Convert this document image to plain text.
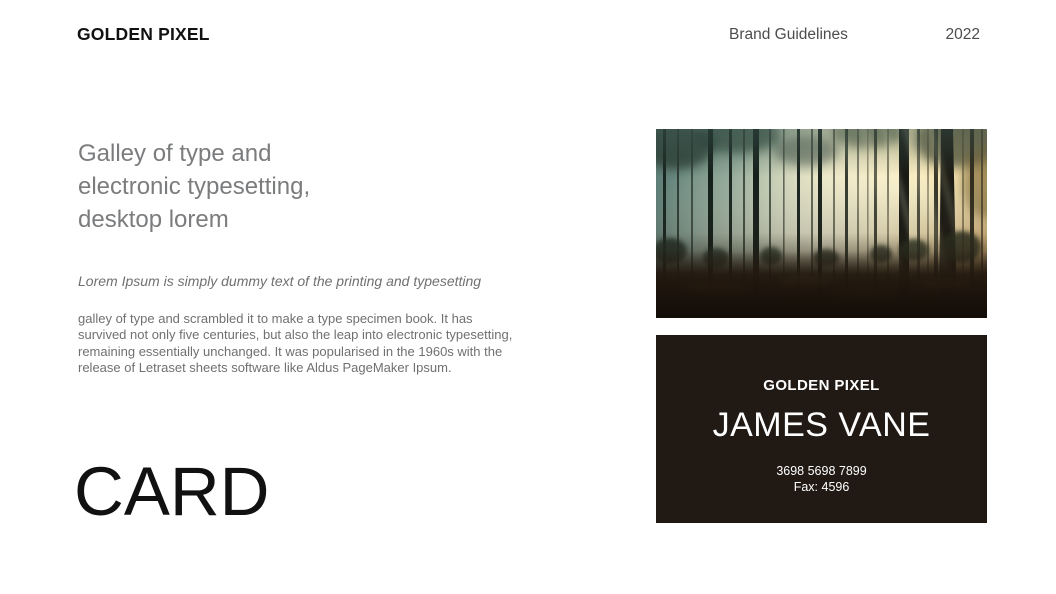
GOLDEN PIXEL	Brand Guidelines	2022
Galley of type and
electronic typesetting,
desktop lorem
Lorem Ipsum is simply dummy text of the printing and typesetting
galley of type and scrambled it to make a type specimen book. It has survived not only five centuries, but also the leap into electronic typesetting, remaining essentially unchanged. It was popularised in the 1960s with the release of Letraset sheets software like Aldus PageMaker Ipsum.
CARD
GOLDEN PIXEL
JAMES VANE
3698 5698 7899
Fax: 4596
